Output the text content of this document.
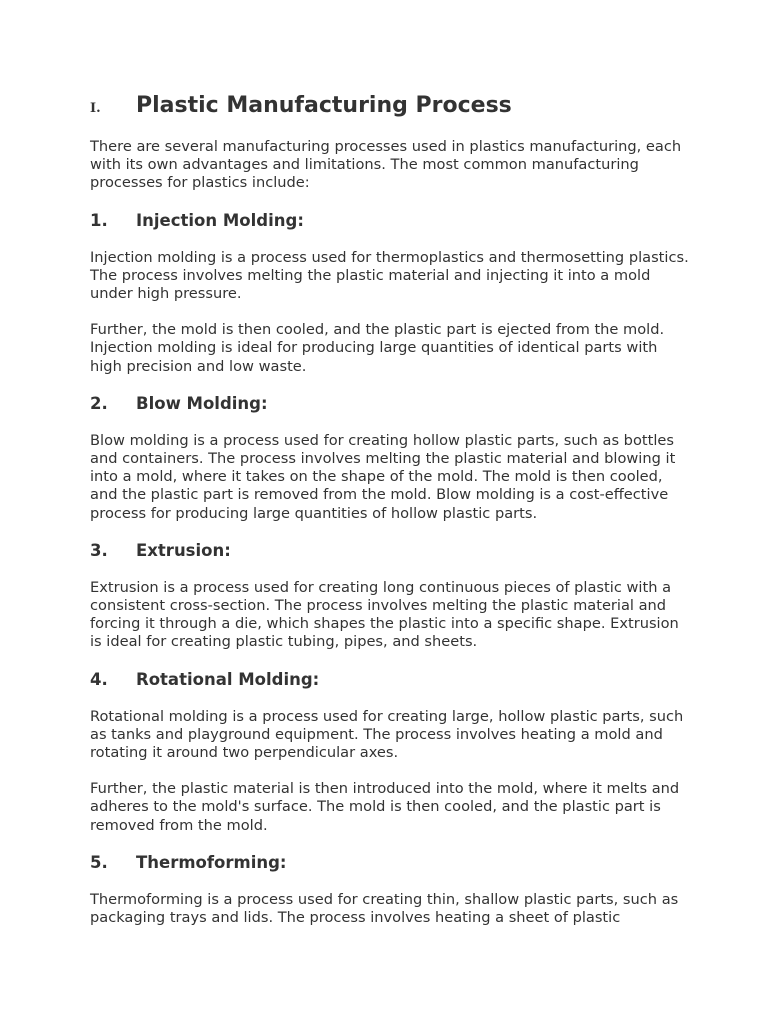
I.	Plastic Manufacturing Process

There are several manufacturing processes used in plastics manufacturing, each with its own advantages and limitations. The most common manufacturing processes for plastics include:

1.	Injection Molding:

Injection molding is a process used for thermoplastics and thermosetting plastics. The process involves melting the plastic material and injecting it into a mold under high pressure.

Further, the mold is then cooled, and the plastic part is ejected from the mold. Injection molding is ideal for producing large quantities of identical parts with high precision and low waste.

2.	Blow Molding:

Blow molding is a process used for creating hollow plastic parts, such as bottles and containers. The process involves melting the plastic material and blowing it into a mold, where it takes on the shape of the mold. The mold is then cooled, and the plastic part is removed from the mold. Blow molding is a cost-effective process for producing large quantities of hollow plastic parts.

3.	Extrusion:

Extrusion is a process used for creating long continuous pieces of plastic with a consistent cross-section. The process involves melting the plastic material and forcing it through a die, which shapes the plastic into a specific shape. Extrusion is ideal for creating plastic tubing, pipes, and sheets.

4.	Rotational Molding:

Rotational molding is a process used for creating large, hollow plastic parts, such as tanks and playground equipment. The process involves heating a mold and rotating it around two perpendicular axes.

Further, the plastic material is then introduced into the mold, where it melts and adheres to the mold's surface. The mold is then cooled, and the plastic part is removed from the mold.

5.	Thermoforming:

Thermoforming is a process used for creating thin, shallow plastic parts, such as packaging trays and lids. The process involves heating a sheet of plastic
